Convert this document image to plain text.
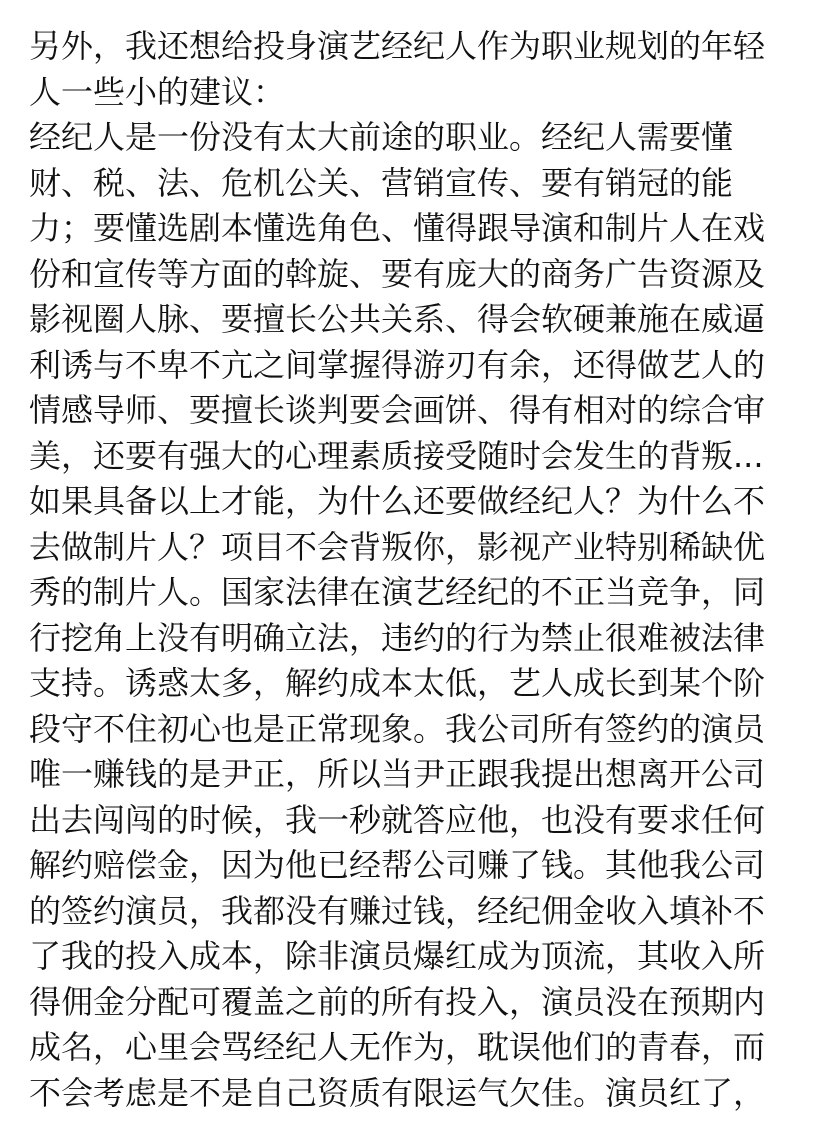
另外，我还想给投身演艺经纪人作为职业规划的年轻
人一些小的建议：
经纪人是一份没有太大前途的职业。经纪人需要懂
财、税、法、危机公关、营销宣传、要有销冠的能
力；要懂选剧本懂选角色、懂得跟导演和制片人在戏
份和宣传等方面的斡旋、要有庞大的商务广告资源及
影视圈人脉、要擅长公共关系、得会软硬兼施在威逼
利诱与不卑不亢之间掌握得游刃有余，还得做艺人的
情感导师、要擅长谈判要会画饼、得有相对的综合审
美，还要有强大的心理素质接受随时会发生的背叛...
如果具备以上才能，为什么还要做经纪人？为什么不
去做制片人？项目不会背叛你，影视产业特别稀缺优
秀的制片人。国家法律在演艺经纪的不正当竞争，同
行挖角上没有明确立法，违约的行为禁止很难被法律
支持。诱惑太多，解约成本太低，艺人成长到某个阶
段守不住初心也是正常现象。我公司所有签约的演员
唯一赚钱的是尹正，所以当尹正跟我提出想离开公司
出去闯闯的时候，我一秒就答应他，也没有要求任何
解约赔偿金，因为他已经帮公司赚了钱。其他我公司
的签约演员，我都没有赚过钱，经纪佣金收入填补不
了我的投入成本，除非演员爆红成为顶流，其收入所
得佣金分配可覆盖之前的所有投入，演员没在预期内
成名，心里会骂经纪人无作为，耽误他们的青春，而
不会考虑是不是自己资质有限运气欠佳。演员红了，
